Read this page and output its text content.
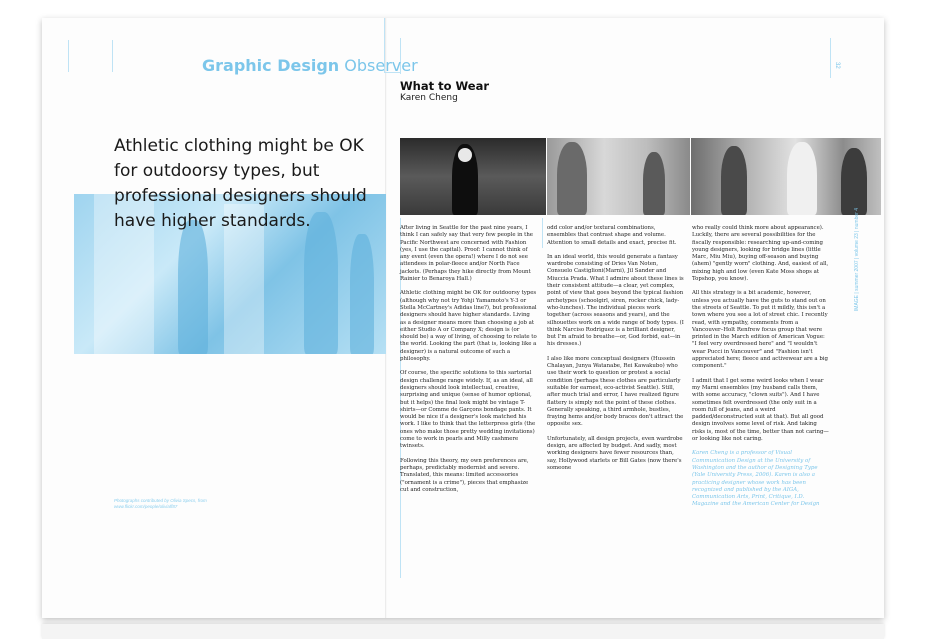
Graphic Design Observer
Athletic clothing might be OK for outdoorsy types, but professional designers should have higher standards.
Photographs contributed by Olivia Specs, from www.flickr.com/people/oliviaff87
32
What to Wear
Karen Cheng

After living in Seattle for the past nine years, I think I can safely say that very few people in the Pacific Northwest are concerned with Fashion (yes, I use the capital). Proof: I cannot think of any event (even the opera!) where I do not see attendees in polar-fleece and/or North Face jackets. (Perhaps they hike directly from Mount Rainier to Benaroya Hall.)

Athletic clothing might be OK for outdoorsy types (although why not try Yohji Yamamoto's Y-3 or Stella McCartney's Adidas line?), but professional designers should have higher standards. Living as a designer means more than choosing a job at either Studio A or Company X; design is (or should be) a way of living, of choosing to relate to the world. Looking the part (that is, looking like a designer) is a natural outcome of such a philosophy.

Of course, the specific solutions to this sartorial design challenge range widely. If, as an ideal, all designers should look intellectual, creative, surprising and unique (sense of humor optional, but it helps) the final look might be vintage T-shirts—or Comme de Garçons bondage pants. It would be nice if a designer's look matched his work. I like to think that the letterpress girls (the ones who make those pretty wedding invitations) come to work in pearls and Milly cashmere twinsets.

Following this theory, my own preferences are, perhaps, predictably modernist and severe. Translated, this means: limited accessories ("ornament is a crime"), pieces that emphasize cut and construction,

odd color and/or textural combinations, ensembles that contrast shape and volume. Attention to small details and exact, precise fit.

In an ideal world, this would generate a fantasy wardrobe consisting of Dries Van Noten, Consuelo Castiglioni(Marni), Jil Sander and Miuccia Prada. What I admire about these lines is their consistent attitude—a clear, yet complex, point of view that goes beyond the typical fashion archetypes (schoolgirl, siren, rocker chick, lady-who-lunches). The individual pieces work together (across seasons and years), and the silhouettes work on a wide range of body types. (I think Narciso Rodriguez is a brilliant designer, but I'm afraid to breathe—or, God forbid, eat—in his dresses.)

I also like more conceptual designers (Hussein Chalayan, Junya Watanabe, Rei Kawakubo) who use their work to question or protest a social condition (perhaps these clothes are particularly suitable for earnest, eco-activist Seattle). Still, after much trial and error, I have realized figure flattery is simply not the point of these clothes. Generally speaking, a third armhole, bustles, fraying hems and/or body braces don't attract the opposite sex.

Unfortunately, all design projects, even wardrobe design, are affected by budget. And sadly, most working designers have fewer resources than, say, Hollywood starlets or Bill Gates (now there's someone

who really could think more about appearance). Luckily, there are several possibilities for the fiscally responsible: researching up-and-coming young designers, looking for bridge lines (little Marc, Miu Miu), buying off-season and buying (ahem) "gently worn" clothing. And, easiest of all, mixing high and low (even Kate Moss shops at Topshop, you know).

All this strategy is a bit academic, however, unless you actually have the guts to stand out on the streets of Seattle. To put it mildly, this isn't a town where you see a lot of street chic. I recently read, with sympathy, comments from a Vancouver–Holt Renfrew focus group that were printed in the March edition of American Vogue: "I feel very overdressed here" and "I wouldn't wear Pucci in Vancouver" and "Fashion isn't appreciated here; fleece and activewear are a big component."

I admit that I get some weird looks when I wear my Marni ensembles (my husband calls them, with some accuracy, "clown suits"). And I have sometimes felt overdressed (the only suit in a room full of jeans, and a weird padded/deconstructed suit at that). But all good design involves some level of risk. And taking risks is, most of the time, better than not caring—or looking like not caring.

Karen Cheng is a professor of Visual Communication Design at the University of Washington and the author of Designing Type (Yale University Press, 2006). Karen is also a practicing designer whose work has been recognized and published by the AIGA, Communication Arts, Print, Critique, I.D. Magazine and the American Center for Design

IMAGE | summer 2007 | volume 23 | number 4
